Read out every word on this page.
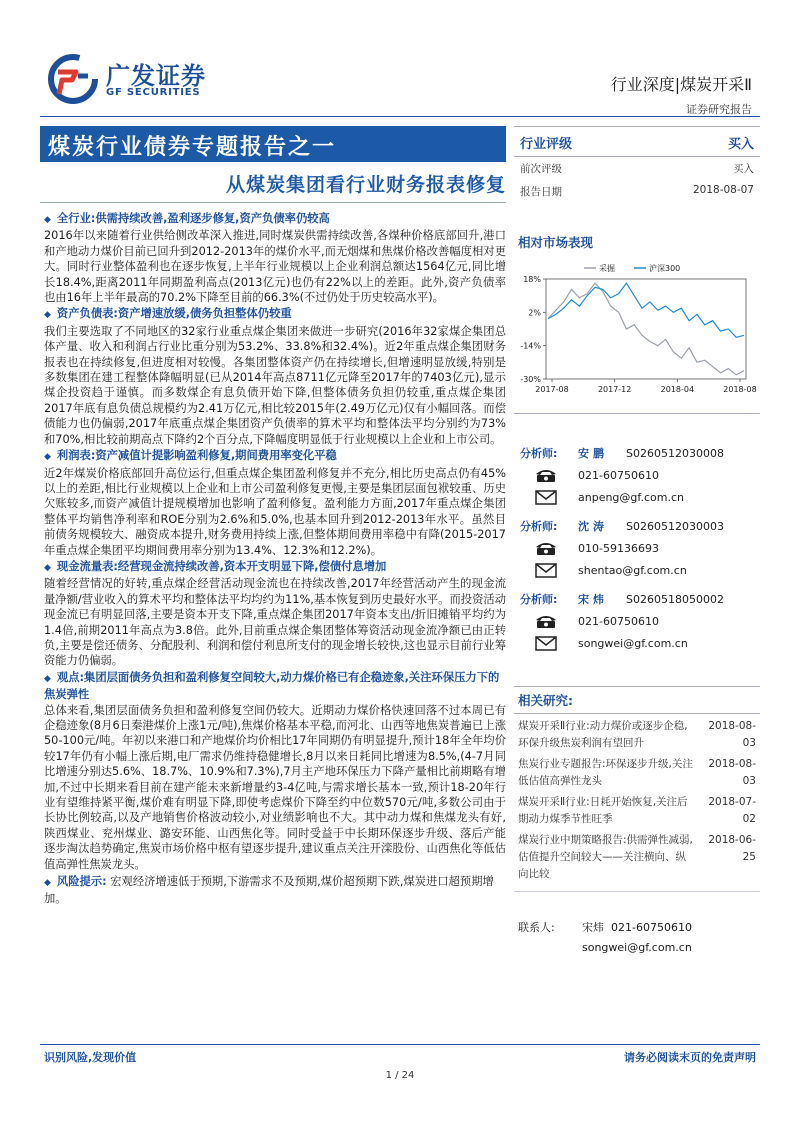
广发证券
GF SECURITIES	行业深度|煤炭开采Ⅱ
证券研究报告
煤炭行业债券专题报告之一
从煤炭集团看行业财务报表修复
◆ 全行业:供需持续改善,盈利逐步修复,资产负债率仍较高
2016年以来随着行业供给侧改革深入推进,同时煤炭供需持续改善,各煤种价格底部回升,港口和产地动力煤价目前已回升到2012-2013年的煤价水平,而无烟煤和焦煤价格改善幅度相对更大。同时行业整体盈利也在逐步恢复,上半年行业规模以上企业利润总额达1564亿元,同比增长18.4%,距离2011年同期盈利高点(2013亿元)也仍有22%以上的差距。此外,资产负债率也由16年上半年最高的70.2%下降至目前的66.3%(不过仍处于历史较高水平)。
◆ 资产负债表:资产增速放缓,债务负担整体仍较重
我们主要选取了不同地区的32家行业重点煤企集团来做进一步研究(2016年32家煤企集团总体产量、收入和利润占行业比重分别为53.2%、33.8%和32.4%)。近2年重点煤企集团财务报表也在持续修复,但进度相对较慢。各集团整体资产仍在持续增长,但增速明显放缓,特别是多数集团在建工程整体降幅明显(已从2014年高点8711亿元降至2017年的7403亿元),显示煤企投资趋于谨慎。而多数煤企有息负债开始下降,但整体债务负担仍较重,重点煤企集团2017年底有息负债总规模约为2.41万亿元,相比较2015年(2.49万亿元)仅有小幅回落。而偿债能力也仍偏弱,2017年底重点煤企集团资产负债率的算术平均和整体法平均分别约为73%和70%,相比较前期高点下降约2个百分点,下降幅度明显低于行业规模以上企业和上市公司。
◆ 利润表:资产减值计提影响盈利修复,期间费用率变化平稳
近2年煤炭价格底部回升高位运行,但重点煤企集团盈利修复并不充分,相比历史高点仍有45%以上的差距,相比行业规模以上企业和上市公司盈利修复更慢,主要是集团层面包袱较重、历史欠账较多,而资产减值计提规模增加也影响了盈利修复。盈利能力方面,2017年重点煤企集团整体平均销售净利率和ROE分别为2.6%和5.0%,也基本回升到2012-2013年水平。虽然目前债务规模较大、融资成本提升,财务费用持续上涨,但整体期间费用率稳中有降(2015-2017年重点煤企集团平均期间费用率分别为13.4%、12.3%和12.2%)。
◆ 现金流量表:经营现金流持续改善,资本开支明显下降,偿债付息增加
随着经营情况的好转,重点煤企经营活动现金流也在持续改善,2017年经营活动产生的现金流量净额/营业收入的算术平均和整体法平均均约为11%,基本恢复到历史最好水平。而投资活动现金流已有明显回落,主要是资本开支下降,重点煤企集团2017年资本支出/折旧摊销平均约为1.4倍,前期2011年高点为3.8倍。此外,目前重点煤企集团整体筹资活动现金流净额已由正转负,主要是偿还债务、分配股利、利润和偿付利息所支付的现金增长较快,这也显示目前行业筹资能力仍偏弱。
◆ 观点:集团层面债务负担和盈利修复空间较大,动力煤价格已有企稳迹象,关注环保压力下的焦炭弹性
总体来看,集团层面债务负担和盈利修复空间仍较大。近期动力煤价格快速回落不过本周已有企稳迹象(8月6日秦港煤价上涨1元/吨),焦煤价格基本平稳,而河北、山西等地焦炭普遍已上涨50-100元/吨。年初以来港口和产地煤价均价相比17年同期仍有明显提升,预计18年全年均价较17年仍有小幅上涨后期,电厂需求仍维持稳健增长,8月以来日耗同比增速为8.5%,(4-7月同比增速分别达5.6%、18.7%、10.9%和7.3%),7月主产地环保压力下降产量相比前期略有增加,不过中长期来看目前在建产能未来新增量约3-4亿吨,与需求增长基本一致,预计18-20年行业有望维持紧平衡,煤价难有明显下降,即使考虑煤价下降至约中位数570元/吨,多数公司由于长协比例较高,以及产地销售价格波动较小,对业绩影响也不大。其中动力煤和焦煤龙头有好,陕西煤业、兖州煤业、潞安环能、山西焦化等。同时受益于中长期环保逐步升级、落后产能逐步淘汰趋势确定,焦炭市场价格中枢有望逐步提升,建议重点关注开滦股份、山西焦化等低估值高弹性焦炭龙头。
◆ 风险提示: 宏观经济增速低于预期,下游需求不及预期,煤价超预期下跌,煤炭进口超预期增加。
行业评级	买入
前次评级	买入
报告日期	2018-08-07
相对市场表现
18%
2%
-14%
-30%
2017-08	2017-12	2018-04	2018-08
采掘	沪深300
分析师:	安鹏	S0260512030008
021-60750610
anpeng@gf.com.cn
分析师:	沈涛	S0260512030003
010-59136693
shentao@gf.com.cn
分析师:	宋炜	S0260518050002
021-60750610
songwei@gf.com.cn
相关研究:
煤炭开采Ⅱ行业:动力煤价或逐步企稳,环保升级焦炭利润有望回升
2018-08-03
焦炭行业专题报告:环保逐步升级,关注低估值高弹性龙头
2018-08-03
煤炭开采Ⅱ行业:日耗开始恢复,关注后期动力煤季节性旺季
2018-07-02
煤炭行业中期策略报告:供需弹性减弱,估值提升空间较大——关注横向、纵向比较
2018-06-25
联系人: 宋炜 021-60750610
songwei@gf.com.cn
识别风险,发现价值	请务必阅读末页的免责声明
1 / 24
